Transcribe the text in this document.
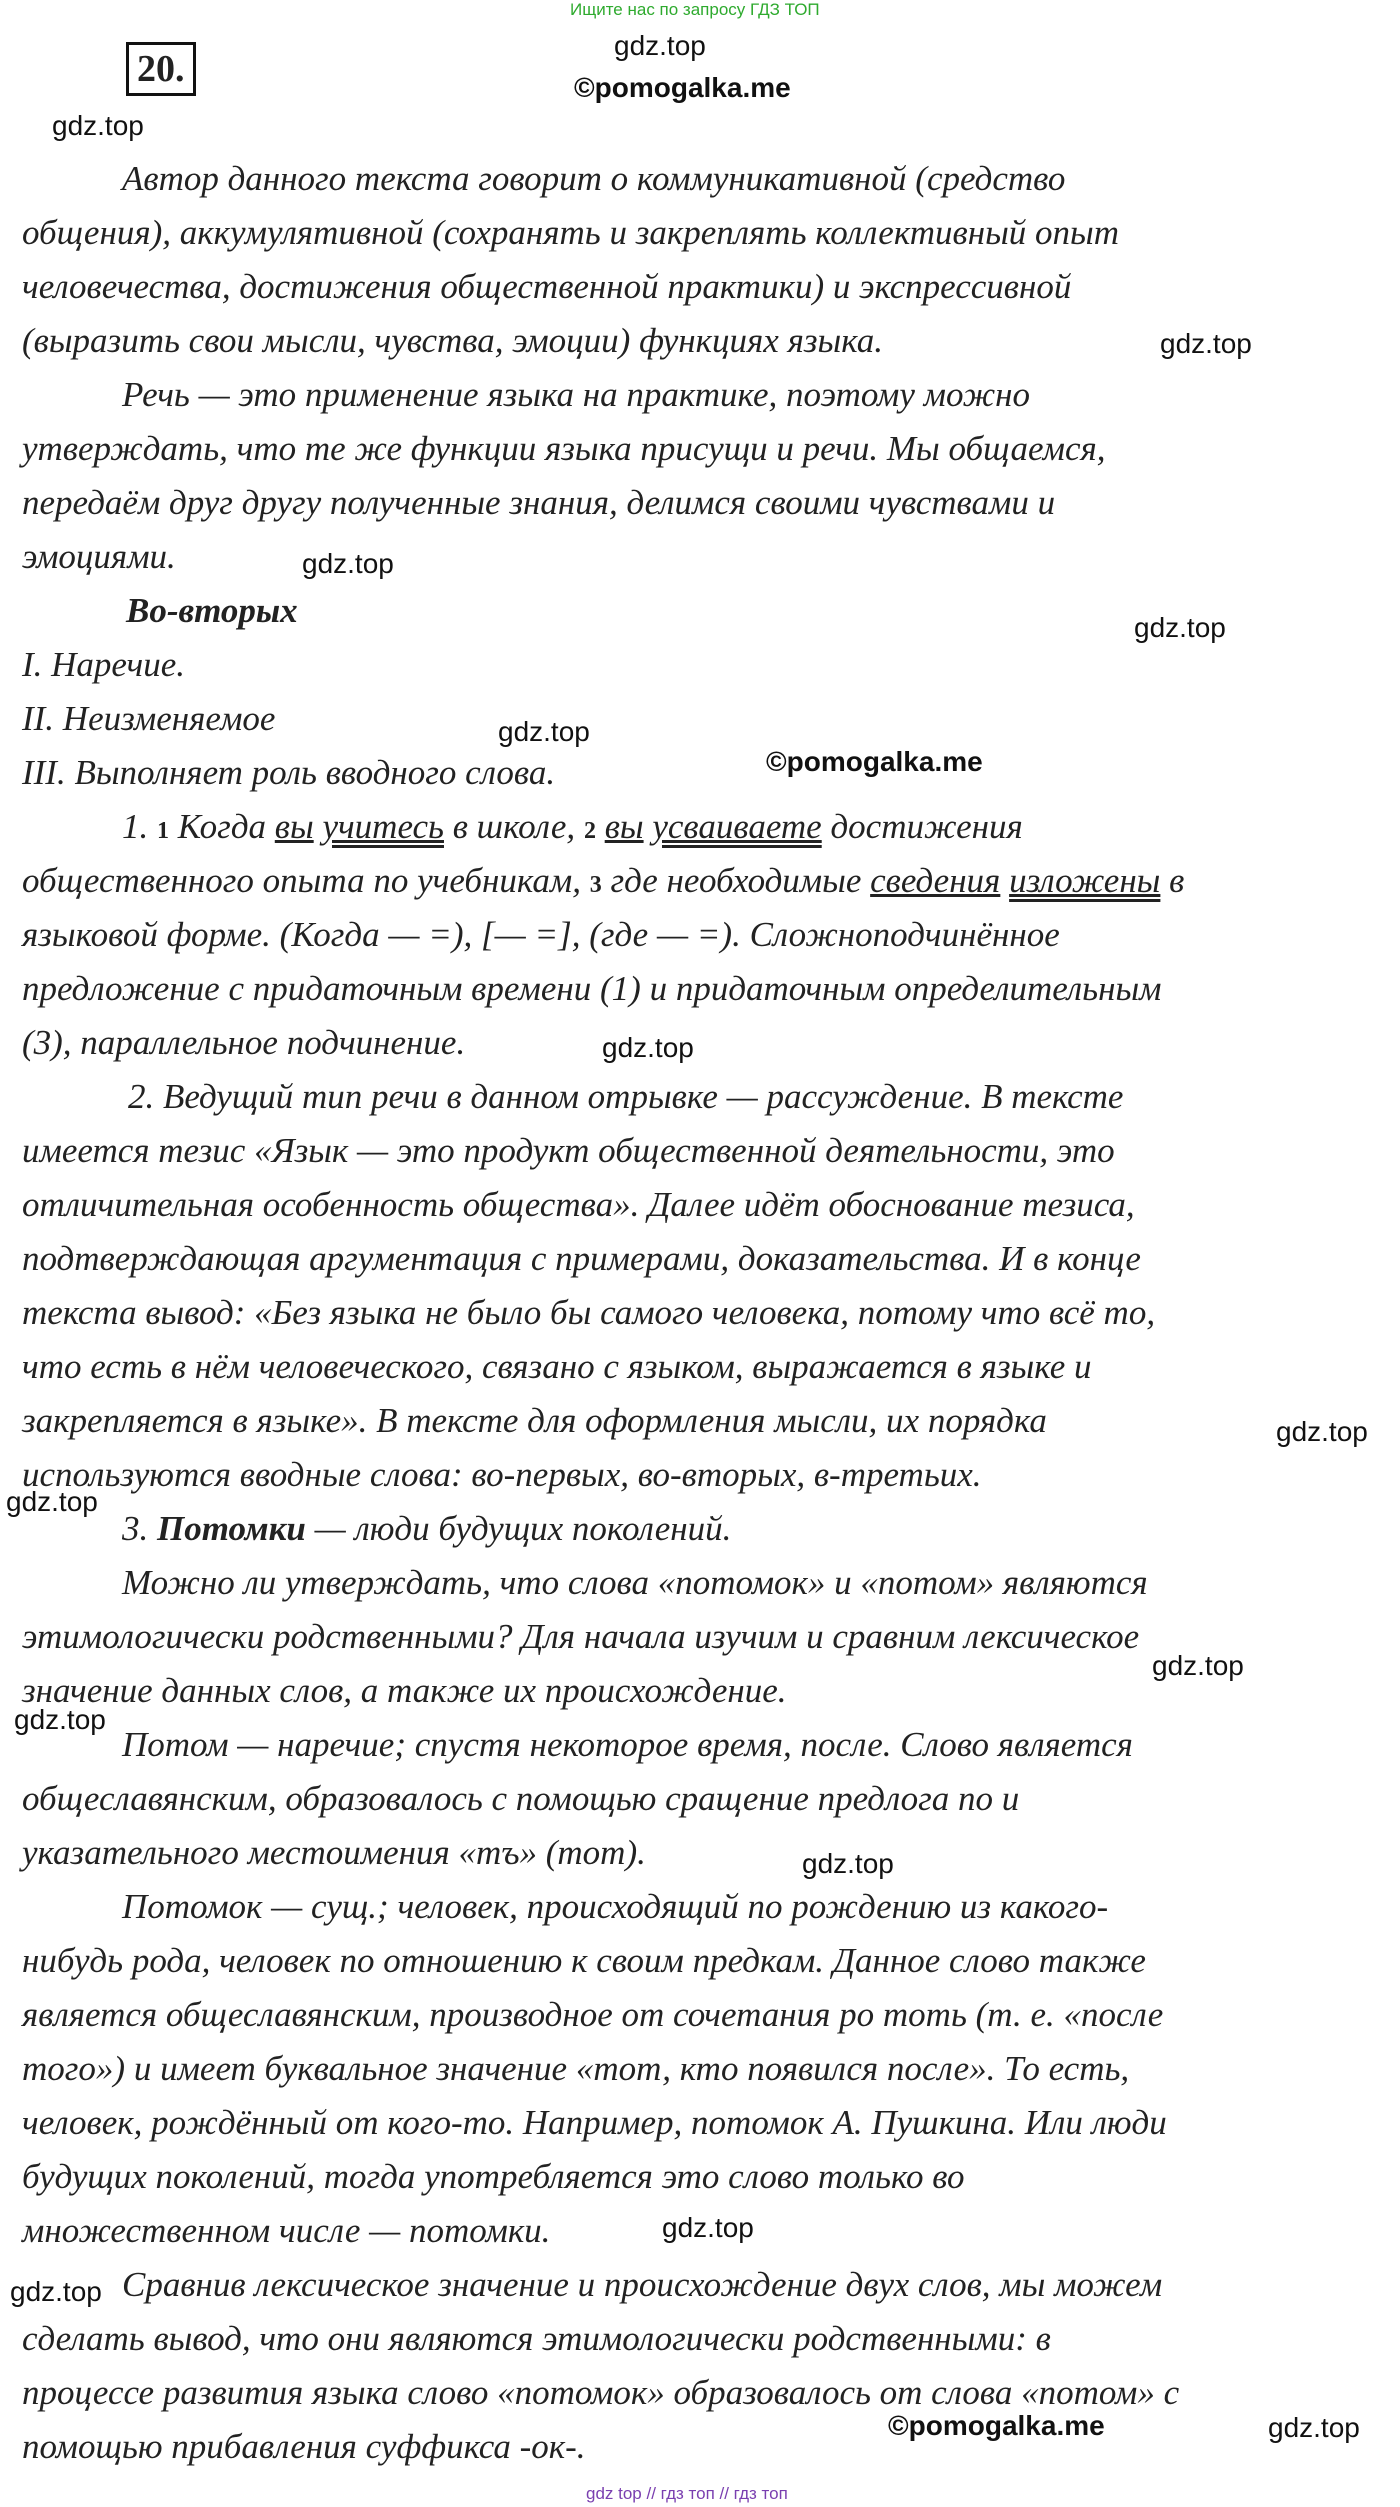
Ищите нас по запросу ГДЗ ТОП
20.
gdz.top
©pomogalka.me
gdz.top
Автор данного текста говорит о коммуникативной (средство
общения), аккумулятивной (сохранять и закреплять коллективный опыт
человечества, достижения общественной практики) и экспрессивной
(выразить свои мысли, чувства, эмоции) функциях языка.
Речь — это применение языка на практике, поэтому можно
утверждать, что те же функции языка присущи и речи. Мы общаемся,
передаём друг другу полученные знания, делимся своими чувствами и
эмоциями.
Во-вторых
I. Наречие.
II. Неизменяемое
III. Выполняет роль вводного слова.
1. 1 Когда вы учитесь в школе, 2 вы усваиваете достижения
общественного опыта по учебникам, 3 где необходимые сведения изложены в
языковой форме. (Когда — =), [— =], (где — =). Сложноподчинённое
предложение с придаточным времени (1) и придаточным определительным
(3), параллельное подчинение.
2. Ведущий тип речи в данном отрывке — рассуждение. В тексте
имеется тезис «Язык — это продукт общественной деятельности, это
отличительная особенность общества». Далее идёт обоснование тезиса,
подтверждающая аргументация с примерами, доказательства. И в конце
текста вывод: «Без языка не было бы самого человека, потому что всё то,
что есть в нём человеческого, связано с языком, выражается в языке и
закрепляется в языке». В тексте для оформления мысли, их порядка
используются вводные слова: во-первых, во-вторых, в-третьих.
3. Потомки — люди будущих поколений.
Можно ли утверждать, что слова «потомок» и «потом» являются
этимологически родственными? Для начала изучим и сравним лексическое
значение данных слов, а также их происхождение.
Потом — наречие; спустя некоторое время, после. Слово является
общеславянским, образовалось с помощью сращение предлога по и
указательного местоимения «тъ» (тот).
Потомок — сущ.; человек, происходящий по рождению из какого-
нибудь рода, человек по отношению к своим предкам. Данное слово также
является общеславянским, производное от сочетания ро тоть (т. е. «после
того») и имеет буквальное значение «тот, кто появился после». То есть,
человек, рождённый от кого-то. Например, потомок А. Пушкина. Или люди
будущих поколений, тогда употребляется это слово только во
множественном числе — потомки.
Сравнив лексическое значение и происхождение двух слов, мы можем
сделать вывод, что они являются этимологически родственными: в
процессе развития языка слово «потомок» образовалось от слова «потом» с
помощью прибавления суффикса -ок-.
gdz.top
gdz.top
gdz.top
gdz.top
©pomogalka.me
gdz.top
gdz.top
gdz.top
gdz.top
gdz.top
gdz.top
gdz.top
gdz.top
©pomogalka.me	gdz.top
gdz top // гдз топ // гдз топ
